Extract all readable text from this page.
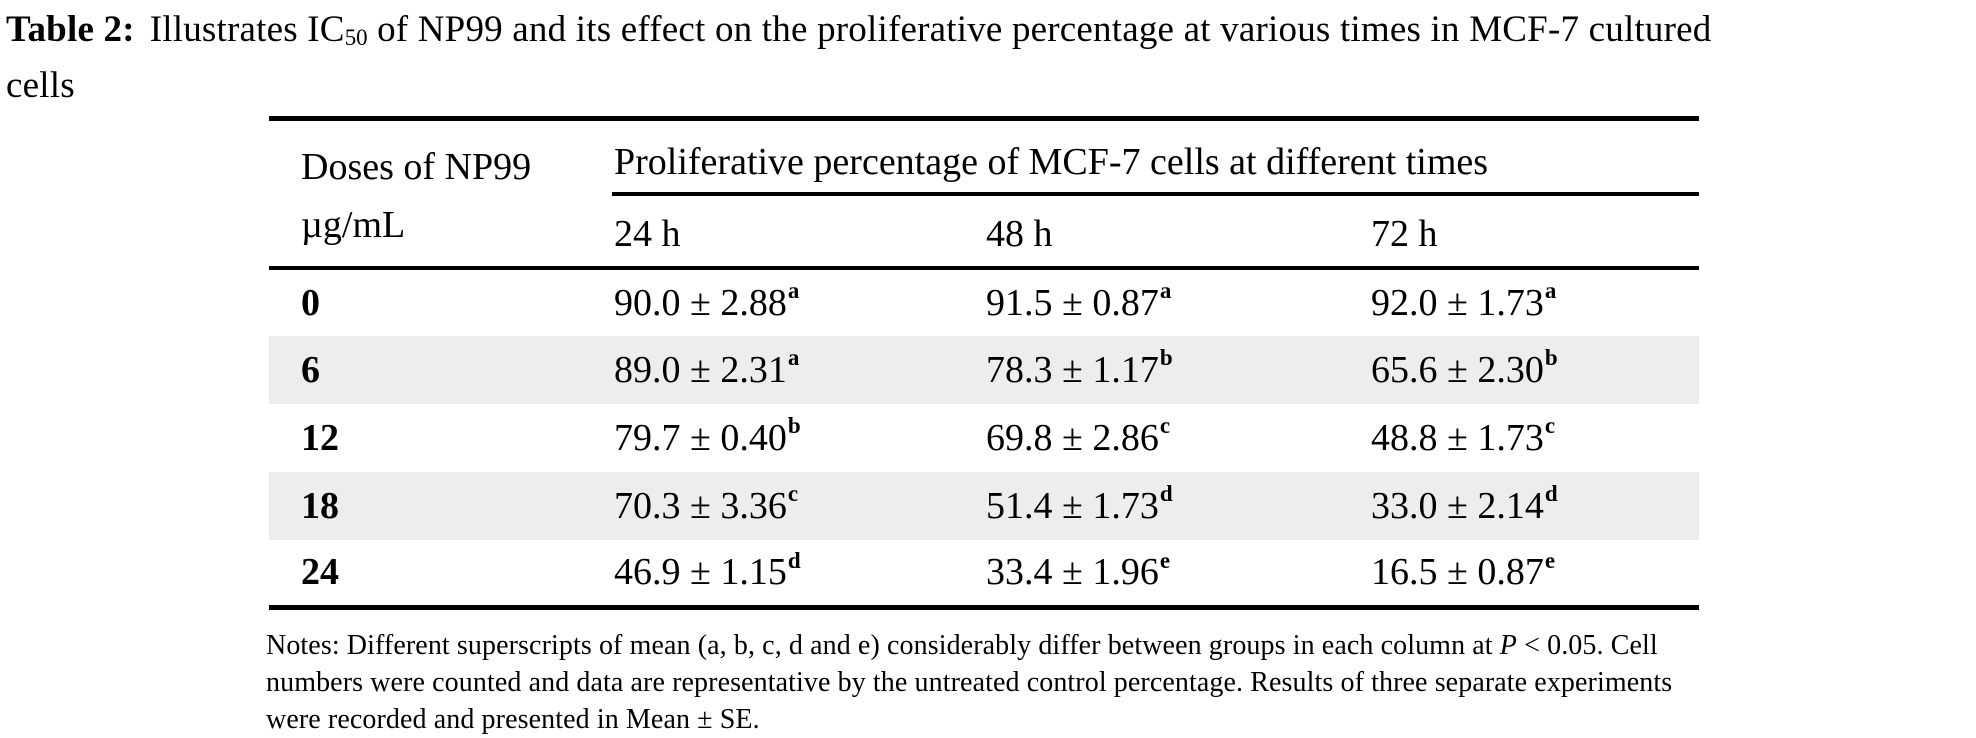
Table 2: Illustrates IC50 of NP99 and its effect on the proliferative percentage at various times in MCF-7 cultured
cells
Doses of NP99 µg/mL	Proliferative percentage of MCF-7 cells at different times		
	24 h	48 h	72 h
0	90.0 ± 2.88$^a$	91.5 ± 0.87$^a$	92.0 ± 1.73$^a$
6	89.0 ± 2.31$^a$	78.3 ± 1.17$^b$	65.6 ± 2.30$^b$
12	79.7 ± 0.40$^b$	69.8 ± 2.86$^c$	48.8 ± 1.73$^c$
18	70.3 ± 3.36$^c$	51.4 ± 1.73$^d$	33.0 ± 2.14$^d$
24	46.9 ± 1.15$^d$	33.4 ± 1.96$^e$	16.5 ± 0.87$^e$
Notes: Different superscripts of mean (a, b, c, d and e) considerably differ between groups in each column at P < 0.05. Cell numbers were counted and data are representative by the untreated control percentage. Results of three separate experiments were recorded and presented in Mean ± SE.
